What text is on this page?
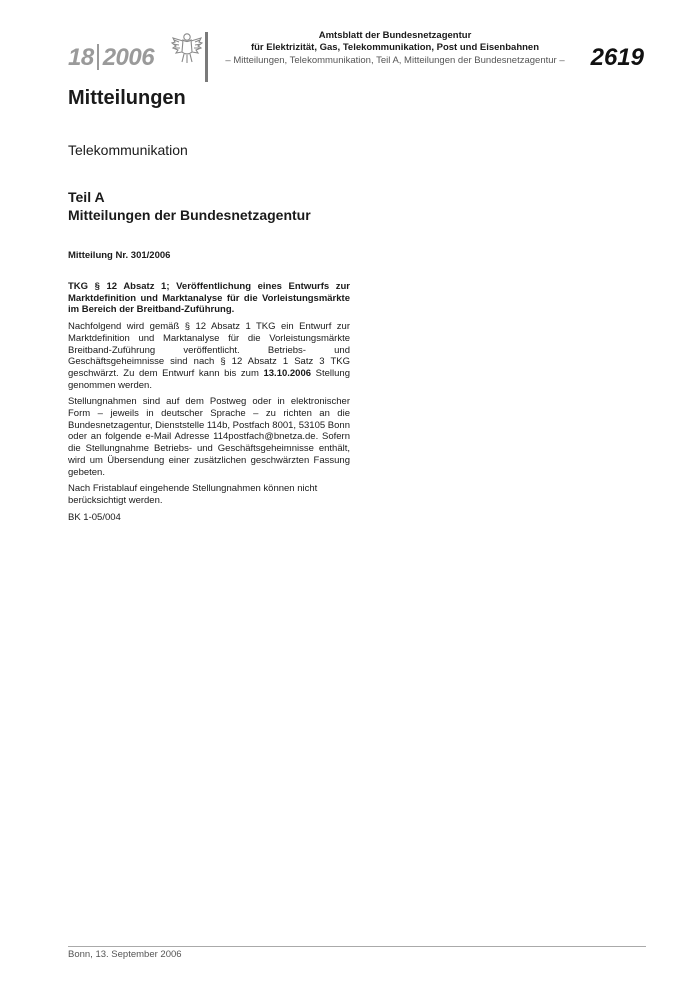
18 2006
Amtsblatt der Bundesnetzagentur
für Elektrizität, Gas, Telekommunikation, Post und Eisenbahnen
– Mitteilungen, Telekommunikation, Teil A, Mitteilungen der Bundesnetzagentur –	2619
Mitteilungen
Telekommunikation
Teil A
Mitteilungen der Bundesnetzagentur
Mitteilung Nr. 301/2006

TKG § 12 Absatz 1; Veröffentlichung eines Entwurfs zur Marktdefinition und Marktanalyse für die Vorleistungsmärkte im Bereich der Breitband-Zuführung.

Nachfolgend wird gemäß § 12 Absatz 1 TKG ein Entwurf zur Marktdefinition und Marktanalyse für die Vorleistungsmärkte Breitband-Zuführung veröffentlicht. Betriebs- und Geschäftsgeheimnisse sind nach § 12 Absatz 1 Satz 3 TKG geschwärzt. Zu dem Entwurf kann bis zum 13.10.2006 Stellung genommen werden.

Stellungnahmen sind auf dem Postweg oder in elektronischer Form – jeweils in deutscher Sprache – zu richten an die Bundesnetzagentur, Dienststelle 114b, Postfach 8001, 53105 Bonn oder an folgende e-Mail Adresse 114postfach@bnetza.de. Sofern die Stellungnahme Betriebs- und Geschäftsgeheimnisse enthält, wird um Übersendung einer zusätzlichen geschwärzten Fassung gebeten.

Nach Fristablauf eingehende Stellungnahmen können nicht berücksichtigt werden.

BK 1-05/004

Bonn, 13. September 2006
